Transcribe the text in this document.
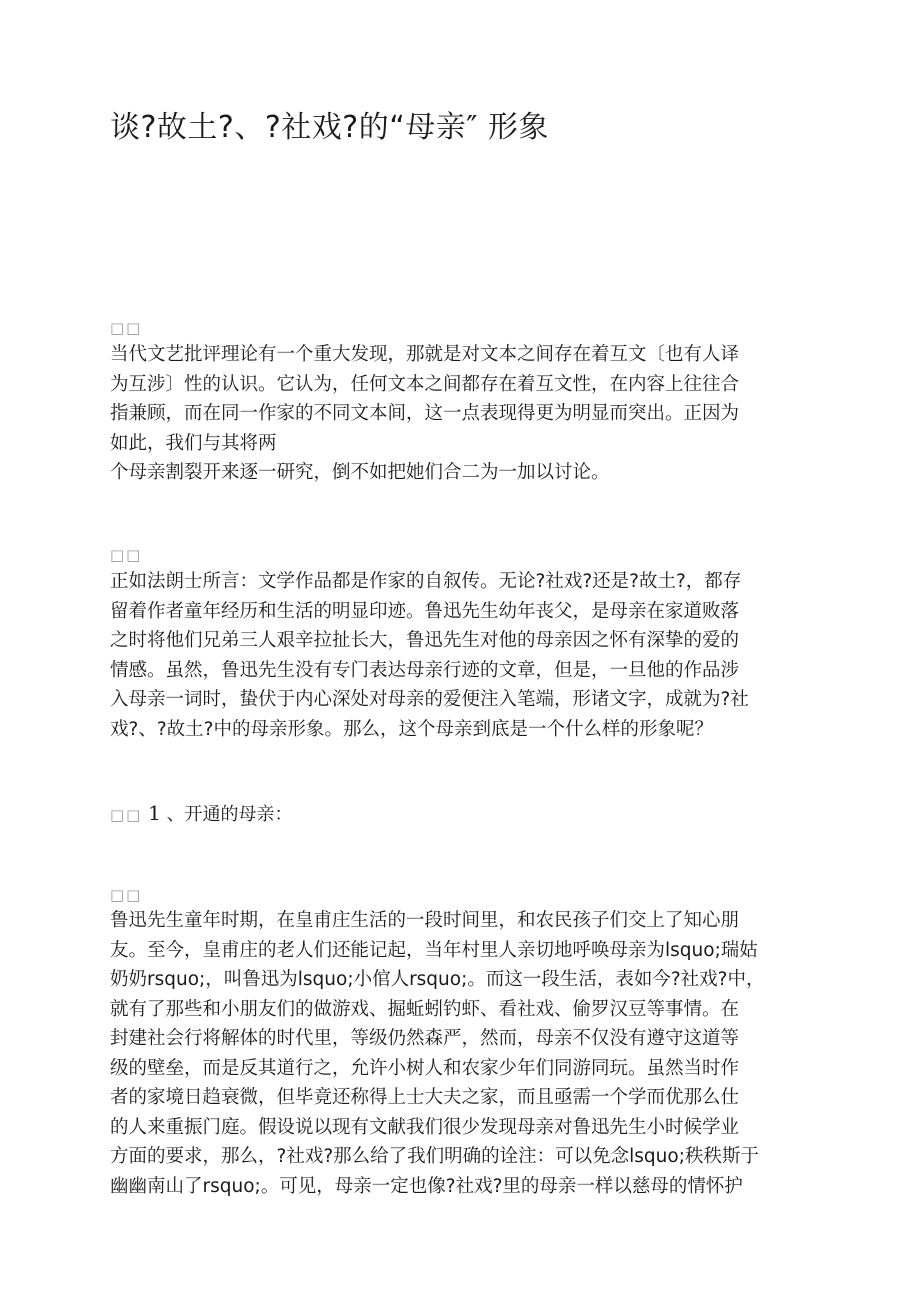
谈?故土?、?社戏?的“母亲″ 形象
□□
当代文艺批评理论有一个重大发现，那就是对文本之间存在着互文〔也有人译
为互涉〕性的认识。它认为，任何文本之间都存在着互文性，在内容上往往合
指兼顾，而在同一作家的不同文本间，这一点表现得更为明显而突出。正因为
如此，我们与其将两
个母亲割裂开来逐一研究，倒不如把她们合二为一加以讨论。
□□
正如法朗士所言：文学作品都是作家的自叙传。无论?社戏?还是?故土?，都存
留着作者童年经历和生活的明显印迹。鲁迅先生幼年丧父，是母亲在家道败落
之时将他们兄弟三人艰辛拉扯长大，鲁迅先生对他的母亲因之怀有深挚的爱的
情感。虽然，鲁迅先生没有专门表达母亲行迹的文章，但是，一旦他的作品涉
入母亲一词时，蛰伏于内心深处对母亲的爱便注入笔端，形诸文字，成就为?社
戏?、?故土?中的母亲形象。那么，这个母亲到底是一个什么样的形象呢？
□□ 1 、开通的母亲：
□□
鲁迅先生童年时期，在皇甫庄生活的一段时间里，和农民孩子们交上了知心朋
友。至今，皇甫庄的老人们还能记起，当年村里人亲切地呼唤母亲为lsquo;瑞姑
奶奶rsquo;，叫鲁迅为lsquo;小倌人rsquo;。而这一段生活，表如今?社戏?中，
就有了那些和小朋友们的做游戏、掘蚯蚓钓虾、看社戏、偷罗汉豆等事情。在
封建社会行将解体的时代里，等级仍然森严，然而，母亲不仅没有遵守这道等
级的壁垒，而是反其道行之，允许小树人和农家少年们同游同玩。虽然当时作
者的家境日趋衰微，但毕竟还称得上士大夫之家，而且亟需一个学而优那么仕
的人来重振门庭。假设说以现有文献我们很少发现母亲对鲁迅先生小时候学业
方面的要求，那么，?社戏?那么给了我们明确的诠注：可以免念lsquo;秩秩斯于
幽幽南山了rsquo;。可见，母亲一定也像?社戏?里的母亲一样以慈母的情怀护
